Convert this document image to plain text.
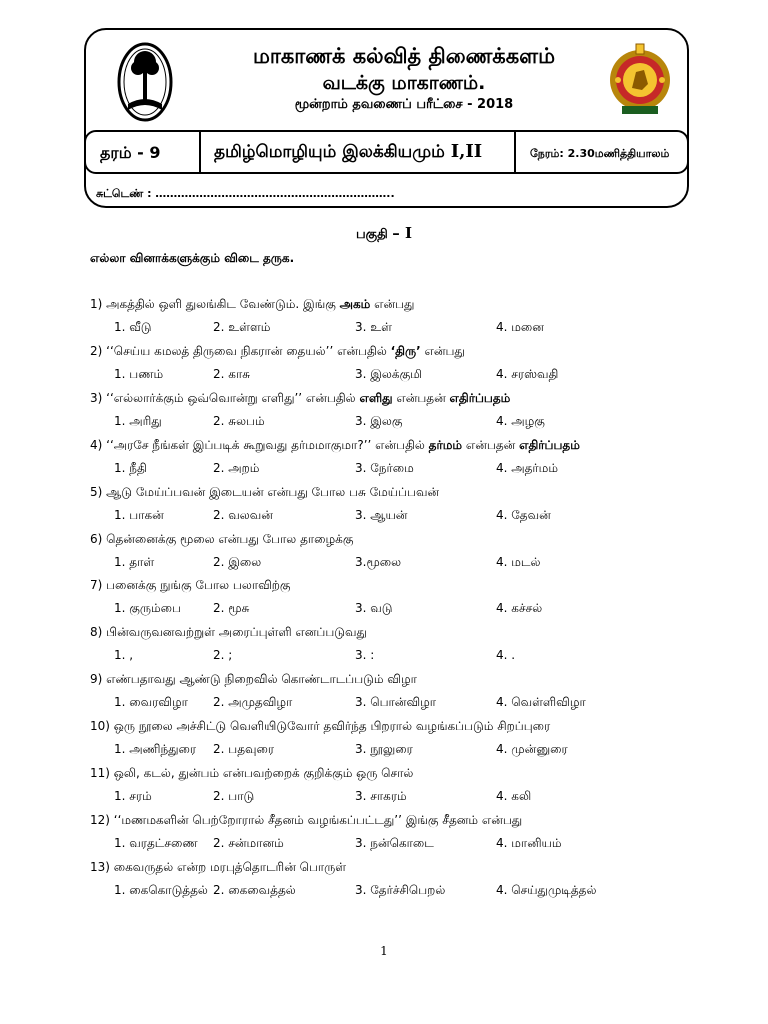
மாகாணக் கல்வித் திணைக்களம்
வடக்கு மாகாணம்.
மூன்றாம் தவணைப் பரீட்சை - 2018
தரம் - 9	தமிழ்மொழியும் இலக்கியமும் I,II	நேரம்: 2.30மணித்தியாலம்
சுட்டெண் : ………………………………………………………..
பகுதி – I
எல்லா வினாக்களுக்கும் விடை தருக.
1) அகத்தில் ஒளி துலங்கிட வேண்டும். இங்கு அகம் என்பது
1. வீடு	2. உள்ளம்	3. உள்	4. மனை
2) ‘‘செய்ய கமலத் திருவை நிகரான் தையல்’’ என்பதில் ‘திரு’ என்பது
1. பணம்	2. காசு	3. இலக்குமி	4. சரஸ்வதி
3) ‘‘எல்லார்க்கும் ஒவ்வொன்று எளிது’’ என்பதில் எளிது என்பதன் எதிர்ப்பதம்
1. அரிது	2. சுலபம்	3. இலகு	4. அழகு
4) ‘‘அரசே நீங்கள் இப்படிக் கூறுவது தர்மமாகுமா?’’ என்பதில் தர்மம் என்பதன் எதிர்ப்பதம்
1. நீதி	2. அறம்	3. நேர்மை	4. அதர்மம்
5) ஆடு மேய்ப்பவன் இடையன் என்பது போல பசு மேய்ப்பவன்
1. பாகன்	2. வலவன்	3. ஆயன்	4. தேவன்
6) தென்னைக்கு மூலை என்பது போல தாழைக்கு
1. தாள்	2. இலை	3.மூலை	4. மடல்
7) பனைக்கு நுங்கு போல பலாவிற்கு
1. குரும்பை	2. மூசு	3. வடு	4. கச்சல்
8) பின்வருவனவற்றுள் அரைப்புள்ளி எனப்படுவது
1. ,	2. ;	3. :	4. .
9) எண்பதாவது ஆண்டு நிறைவில் கொண்டாடப்படும் விழா
1. வைரவிழா 2. அமுதவிழா	3. பொன்விழா	4. வெள்ளிவிழா
10) ஒரு நூலை அச்சிட்டு வெளியிடுவோர் தவிர்ந்த பிறரால் வழங்கப்படும் சிறப்புரை
1. அணிந்துரை 2. பதவுரை	3. நூலுரை	4. முன்னுரை
11) ஒலி, கடல், துன்பம் என்பவற்றைக் குறிக்கும் ஒரு சொல்
1. சரம்	2. பாடு	3. சாகரம்	4. கலி
12) ‘‘மணமகளின் பெற்றோரால் சீதனம் வழங்கப்பட்டது’’ இங்கு சீதனம் என்பது
1. வரதட்சணை 2. சன்மானம்	3. நன்கொடை	4. மானியம்
13) கைவருதல் என்ற மரபுத்தொடரின் பொருள்
1. கைகொடுத்தல் 2. கைவைத்தல்	3. தேர்ச்சிபெறல்	4. செய்துமுடித்தல்
1
